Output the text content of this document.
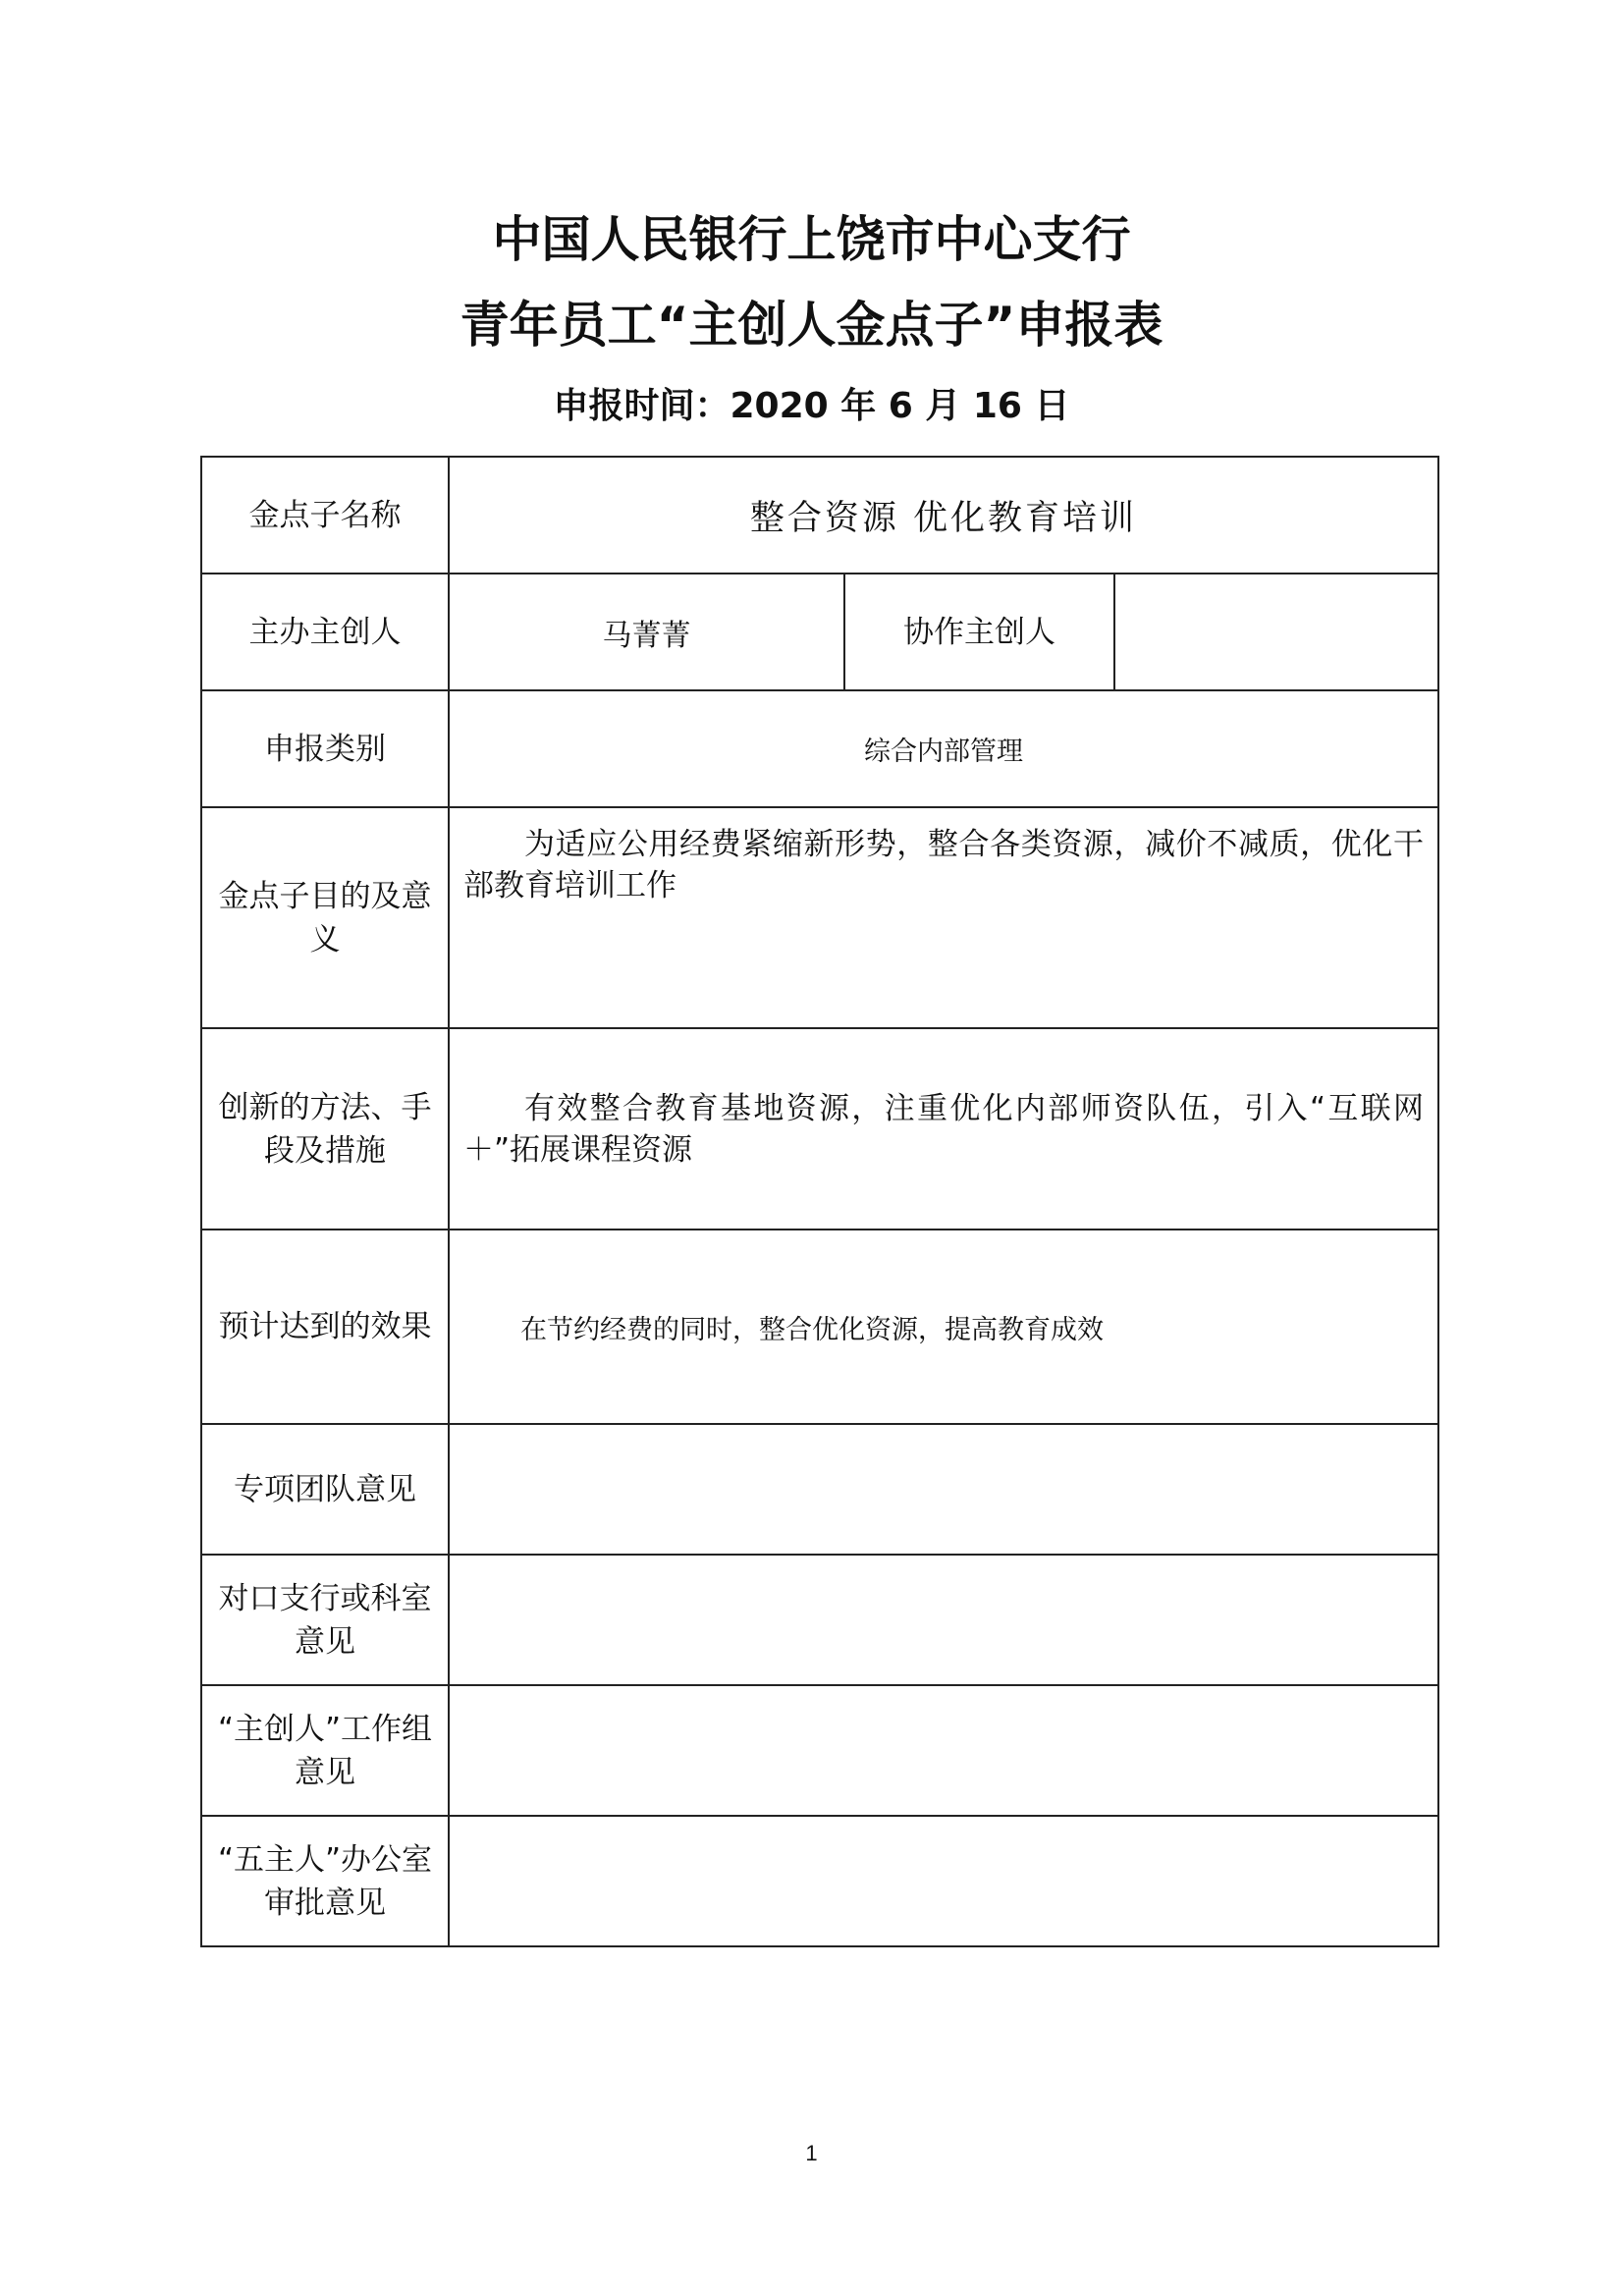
中国人民银行上饶市中心支行
青年员工“主创人金点子”申报表
申报时间：2020 年 6 月 16 日
金点子名称	整合资源 优化教育培训		
主办主创人	马菁菁	协作主创人	
申报类别	综合内部管理		
金点子目的及意义	为适应公用经费紧缩新形势，整合各类资源，减价不减质，优化干部教育培训工作		
创新的方法、手段及措施	有效整合教育基地资源，注重优化内部师资队伍，引入“互联网＋”拓展课程资源		
预计达到的效果	在节约经费的同时，整合优化资源，提高教育成效		
专项团队意见			
对口支行或科室意见			
“主创人”工作组意见			
“五主人”办公室审批意见			
1
